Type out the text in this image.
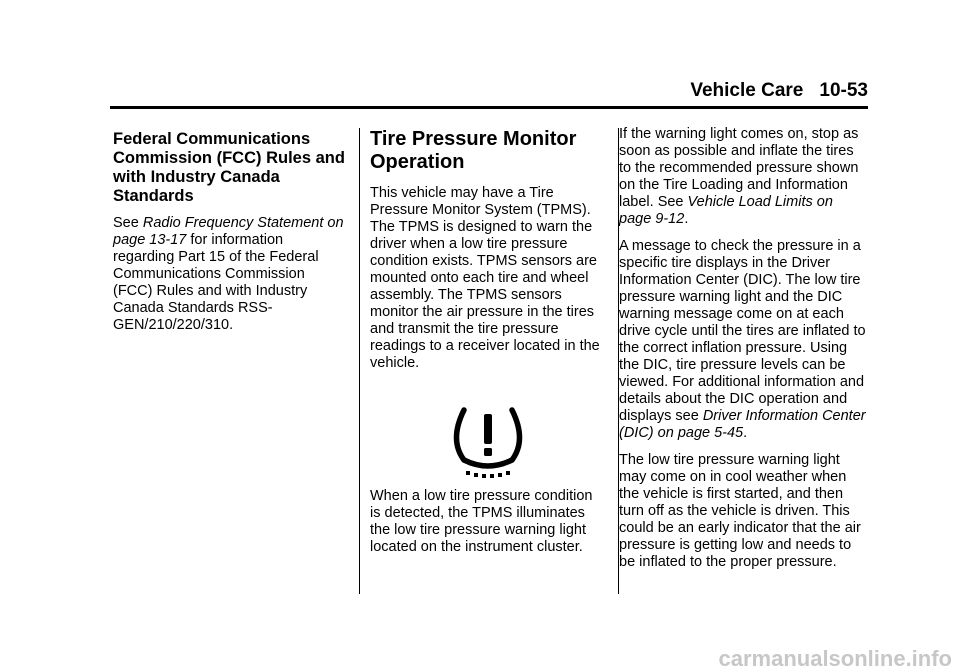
Vehicle Care 10-53
Federal Communications Commission (FCC) Rules and with Industry Canada Standards

See Radio Frequency Statement on page 13-17 for information regarding Part 15 of the Federal Communications Commission (FCC) Rules and with Industry Canada Standards RSS-GEN/210/220/310.

Tire Pressure Monitor Operation

This vehicle may have a Tire Pressure Monitor System (TPMS). The TPMS is designed to warn the driver when a low tire pressure condition exists. TPMS sensors are mounted onto each tire and wheel assembly. The TPMS sensors monitor the air pressure in the tires and transmit the tire pressure readings to a receiver located in the vehicle.

When a low tire pressure condition is detected, the TPMS illuminates the low tire pressure warning light located on the instrument cluster.

If the warning light comes on, stop as soon as possible and inflate the tires to the recommended pressure shown on the Tire Loading and Information label. See Vehicle Load Limits on page 9-12.

A message to check the pressure in a specific tire displays in the Driver Information Center (DIC). The low tire pressure warning light and the DIC warning message come on at each drive cycle until the tires are inflated to the correct inflation pressure. Using the DIC, tire pressure levels can be viewed. For additional information and details about the DIC operation and displays see Driver Information Center (DIC) on page 5-45.

The low tire pressure warning light may come on in cool weather when the vehicle is first started, and then turn off as the vehicle is driven. This could be an early indicator that the air pressure is getting low and needs to be inflated to the proper pressure.

carmanualsonline.info
